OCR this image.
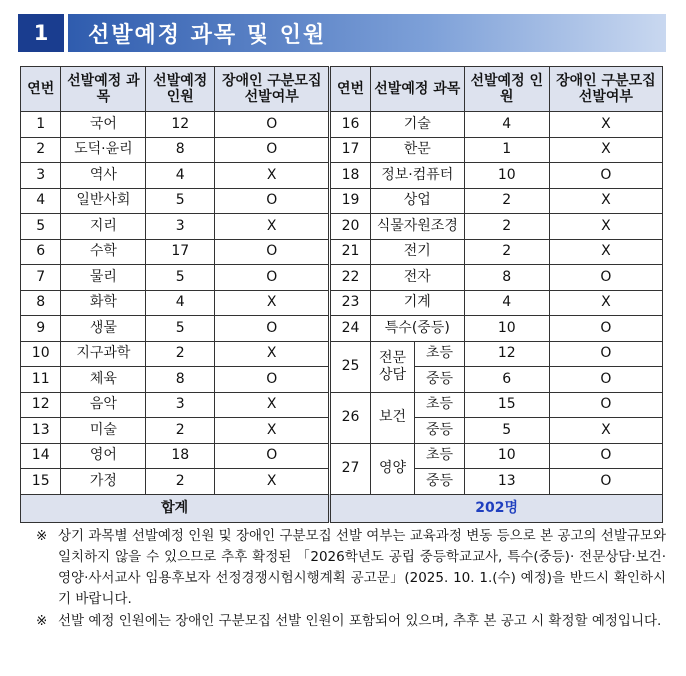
1	선발예정 과목 및 인원
연번	선발예정 과목	선발예정 인원	장애인 구분모집 선발여부	연번	선발예정 과목		선발예정 인원	장애인 구분모집 선발여부
1	국어	12	O	16	기술		4	X
2	도덕·윤리	8	O	17	한문		1	X
3	역사	4	X	18	정보·컴퓨터		10	O
4	일반사회	5	O	19	상업		2	X
5	지리	3	X	20	식물자원조경		2	X
6	수학	17	O	21	전기		2	X
7	물리	5	O	22	전자		8	O
8	화학	4	X	23	기계		4	X
9	생물	5	O	24	특수(중등)		10	O
10	지구과학	2	X	25	전문 상담	초등	12	O
11	체육	8	O			중등	6	O
12	음악	3	X	26	보건	초등	15	O
13	미술	2	X			중등	5	X
14	영어	18	O	27	영양	초등	10	O
15	가정	2	X			중등	13	O
합계				202명				
※ 상기 과목별 선발예정 인원 및 장애인 구분모집 선발 여부는 교육과정 변동 등으로 본 공고의 선발규모와 일치하지 않을 수 있으므로 추후 확정된 「2026학년도 공립 중등학교교사, 특수(중등)· 전문상담·보건·영양·사서교사 임용후보자 선정경쟁시험시행계획 공고문」(2025. 10. 1.(수) 예정)을 반드시 확인하시기 바랍니다.
※ 선발 예정 인원에는 장애인 구분모집 선발 인원이 포함되어 있으며, 추후 본 공고 시 확정할 예정입니다.
